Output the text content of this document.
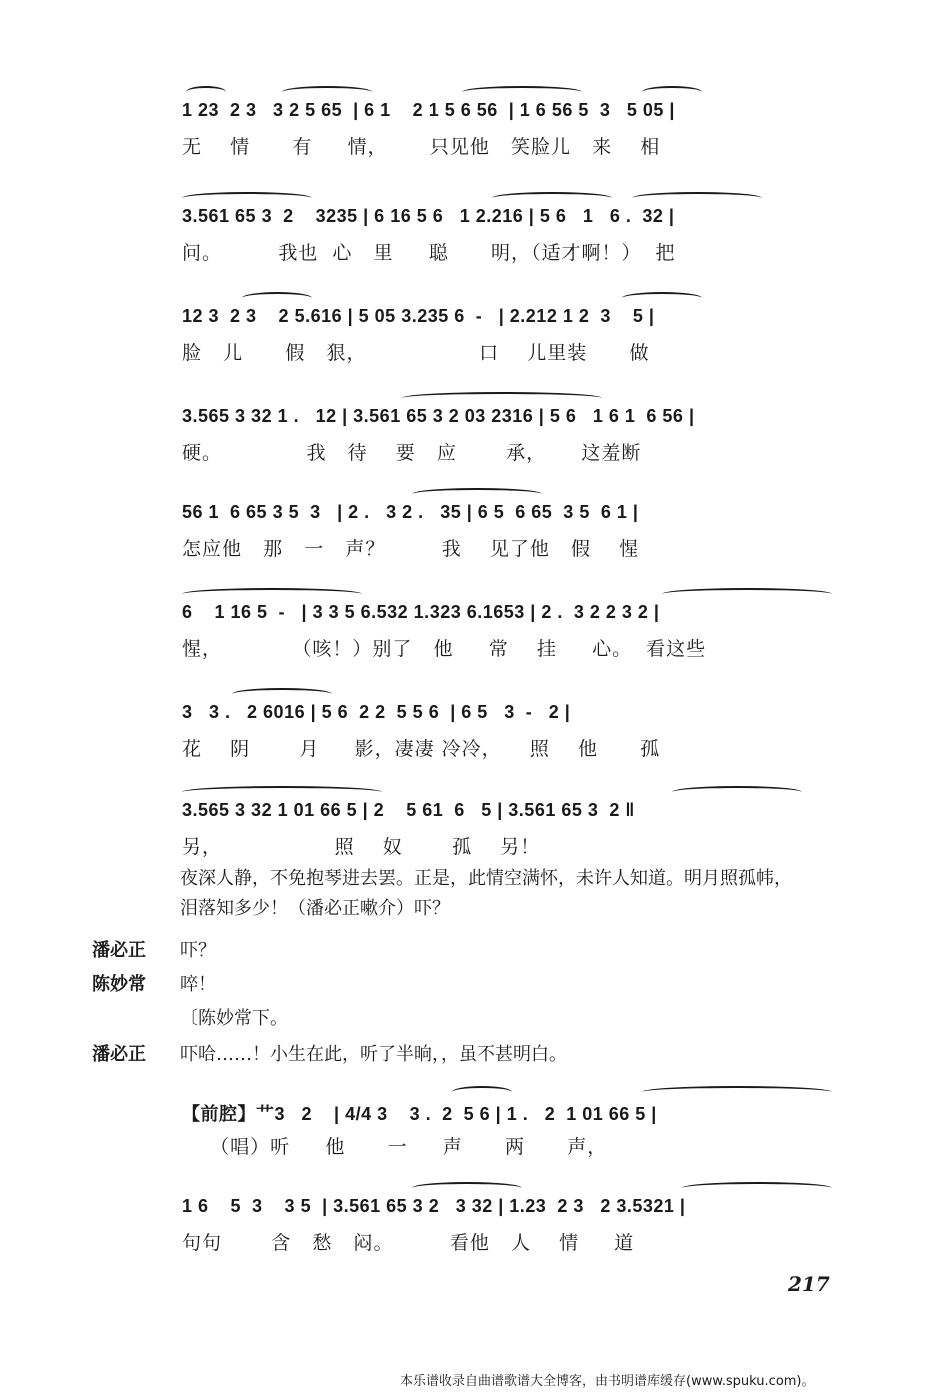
1 23  2 3   3 2 5 65  | 6 1    2 1 5 6 56  | 1 6 56 5  3   5 05 |
无    情      有     情，      只见他   笑脸儿   来    相
3.561 65 3  2    3235 | 6 16 5 6   1 2.216 | 5 6   1   6 .  32 |
问。        我也  心   里     聪      明，（适才啊！）  把
12 3  2 3    2 5.616 | 5 05 3.235 6  -   | 2.212 1 2  3    5 |
脸   儿      假   狠，                口    儿里装      做
3.565 3 32 1 .   12 | 3.561 65 3 2 03 2316 | 5 6   1 6 1  6 56 |
硬。            我   待    要   应       承，     这羞断
56 1  6 65 3 5  3   | 2 .   3 2 .   35 | 6 5  6 65  3 5  6 1 |
怎应他   那   一   声？        我    见了他   假    惺
6    1 16 5  -   | 3 3 5 6.532 1.323 6.1653 | 2 .  3 2 2 3 2 |
惺，          （咳！）别了   他     常    挂     心。  看这些
3   3 .   2 6016 | 5 6  2 2  5 5 6  | 6 5   3  -   2 |
花    阴       月     影，凄凄 冷冷，    照    他      孤
3.565 3 32 1 01 66 5 | 2    5 61  6   5 | 3.561 65 3  2 ‖
另，                照    奴       孤    另！
夜深人静，不免抱琴进去罢。正是，此情空满怀，未许人知道。明月照孤帏，
泪落知多少！（潘必正嗽介）吓？
潘必正 吓？
陈妙常 啐！
〔陈妙常下。
潘必正 吓哈……！小生在此，听了半晌，，虽不甚明白。
【前腔】艹3   2    | 4/4 3    3 .  2  5 6 | 1 .   2  1 01 66 5 |
（唱）听     他      一     声      两      声，
1 6    5  3    3 5  | 3.561 65 3 2   3 32 | 1.23  2 3   2 3.5321 |
句句       含   愁   闷。        看他   人    情     道
217
本乐谱收录自曲谱歌谱大全博客，由书明谱库缓存(www.spuku.com)。
